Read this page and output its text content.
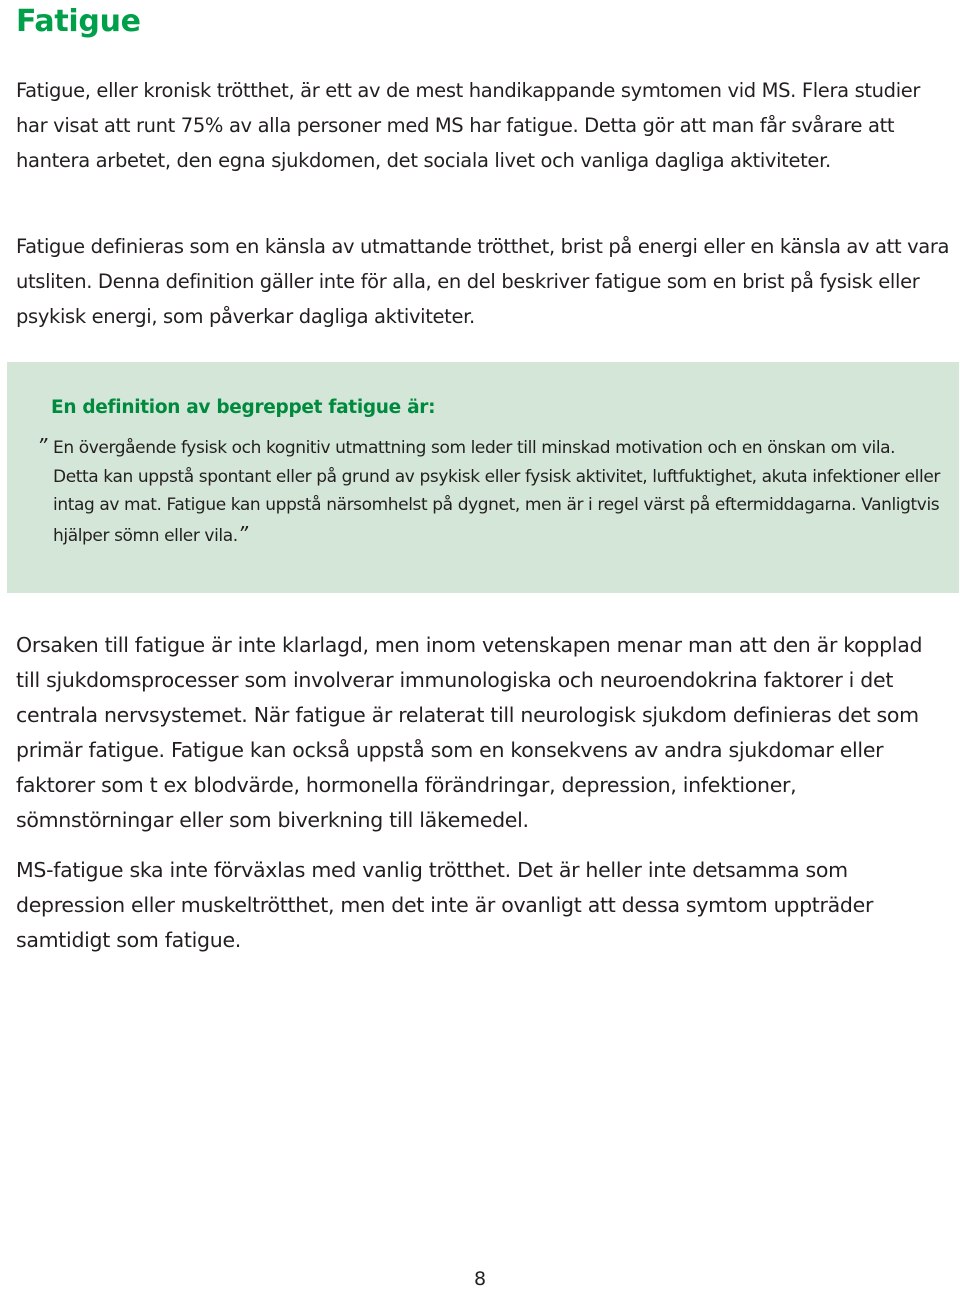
Fatigue

Fatigue, eller kronisk trötthet, är ett av de mest handikappande symtomen vid MS. Flera studier har visat att runt 75% av alla personer med MS har fatigue. Detta gör att man får svårare att hantera arbetet, den egna sjukdomen, det sociala livet och vanliga dagliga aktiviteter.

Fatigue definieras som en känsla av utmattande trötthet, brist på energi eller en känsla av att vara utsliten. Denna definition gäller inte för alla, en del beskriver fatigue som en brist på fysisk eller psykisk energi, som påverkar dagliga aktiviteter.

En definition av begreppet fatigue är:

” En övergående fysisk och kognitiv utmattning som leder till minskad motivation och en önskan om vila. Detta kan uppstå spontant eller på grund av psykisk eller fysisk aktivitet, luftfuktighet, akuta infektioner eller intag av mat. Fatigue kan uppstå närsomhelst på dygnet, men är i regel värst på eftermiddagarna. Vanligtvis hjälper sömn eller vila.”

Orsaken till fatigue är inte klarlagd, men inom vetenskapen menar man att den är kopplad till sjukdomsprocesser som involverar immunologiska och neuroendokrina faktorer i det centrala nervsystemet. När fatigue är relaterat till neurologisk sjukdom definieras det som primär fatigue. Fatigue kan också uppstå som en konsekvens av andra sjukdomar eller faktorer som t ex blodvärde, hormonella förändringar, depression, infektioner, sömnstörningar eller som biverkning till läkemedel.

MS-fatigue ska inte förväxlas med vanlig trötthet. Det är heller inte detsamma som depression eller muskeltrötthet, men det inte är ovanligt att dessa symtom uppträder samtidigt som fatigue.

8
